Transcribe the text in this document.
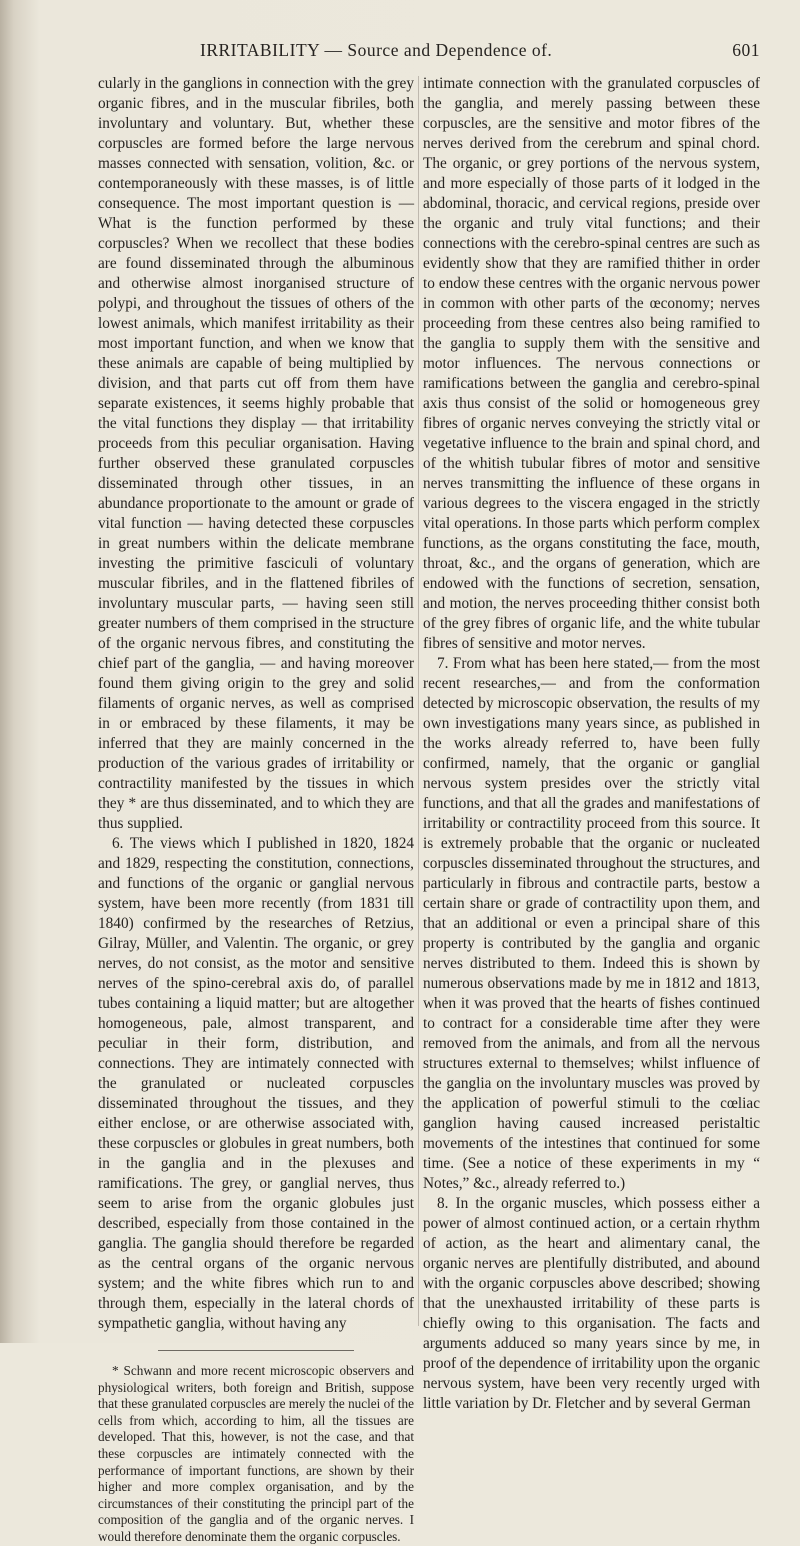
IRRITABILITY — Source and Dependence of.	601

cularly in the ganglions in connection with the grey organic fibres, and in the muscular fibriles, both involuntary and voluntary. But, whether these corpuscles are formed before the large nervous masses connected with sensation, volition, &c. or contemporaneously with these masses, is of little consequence. The most important question is — What is the function performed by these corpuscles? When we recollect that these bodies are found disseminated through the albuminous and otherwise almost inorganised structure of polypi, and throughout the tissues of others of the lowest animals, which manifest irritability as their most important function, and when we know that these animals are capable of being multiplied by division, and that parts cut off from them have separate existences, it seems highly probable that the vital functions they display — that irritability proceeds from this peculiar organisation. Having further observed these granulated corpuscles disseminated through other tissues, in an abundance proportionate to the amount or grade of vital function — having detected these corpuscles in great numbers within the delicate membrane investing the primitive fasciculi of voluntary muscular fibriles, and in the flattened fibriles of involuntary muscular parts, — having seen still greater numbers of them comprised in the structure of the organic nervous fibres, and constituting the chief part of the ganglia, — and having moreover found them giving origin to the grey and solid filaments of organic nerves, as well as comprised in or embraced by these filaments, it may be inferred that they are mainly concerned in the production of the various grades of irritability or contractility manifested by the tissues in which they * are thus disseminated, and to which they are thus supplied.

6. The views which I published in 1820, 1824 and 1829, respecting the constitution, connections, and functions of the organic or ganglial nervous system, have been more recently (from 1831 till 1840) confirmed by the researches of Retzius, Gilray, Müller, and Valentin. The organic, or grey nerves, do not consist, as the motor and sensitive nerves of the spino-cerebral axis do, of parallel tubes containing a liquid matter; but are altogether homogeneous, pale, almost transparent, and peculiar in their form, distribution, and connections. They are intimately connected with the granulated or nucleated corpuscles disseminated throughout the tissues, and they either enclose, or are otherwise associated with, these corpuscles or globules in great numbers, both in the ganglia and in the plexuses and ramifications. The grey, or ganglial nerves, thus seem to arise from the organic globules just described, especially from those contained in the ganglia. The ganglia should therefore be regarded as the central organs of the organic nervous system; and the white fibres which run to and through them, especially in the lateral chords of sympathetic ganglia, without having any

* Schwann and more recent microscopic observers and physiological writers, both foreign and British, suppose that these granulated corpuscles are merely the nuclei of the cells from which, according to him, all the tissues are developed. That this, however, is not the case, and that these corpuscles are intimately connected with the performance of important functions, are shown by their higher and more complex organisation, and by the circumstances of their constituting the principl part of the composition of the ganglia and of the organic nerves. I would therefore denominate them the organic corpuscles.

intimate connection with the granulated corpuscles of the ganglia, and merely passing between these corpuscles, are the sensitive and motor fibres of the nerves derived from the cerebrum and spinal chord. The organic, or grey portions of the nervous system, and more especially of those parts of it lodged in the abdominal, thoracic, and cervical regions, preside over the organic and truly vital functions; and their connections with the cerebro-spinal centres are such as evidently show that they are ramified thither in order to endow these centres with the organic nervous power in common with other parts of the œconomy; nerves proceeding from these centres also being ramified to the ganglia to supply them with the sensitive and motor influences. The nervous connections or ramifications between the ganglia and cerebro-spinal axis thus consist of the solid or homogeneous grey fibres of organic nerves conveying the strictly vital or vegetative influence to the brain and spinal chord, and of the whitish tubular fibres of motor and sensitive nerves transmitting the influence of these organs in various degrees to the viscera engaged in the strictly vital operations. In those parts which perform complex functions, as the organs constituting the face, mouth, throat, &c., and the organs of generation, which are endowed with the functions of secretion, sensation, and motion, the nerves proceeding thither consist both of the grey fibres of organic life, and the white tubular fibres of sensitive and motor nerves.

7. From what has been here stated,— from the most recent researches,— and from the conformation detected by microscopic observation, the results of my own investigations many years since, as published in the works already referred to, have been fully confirmed, namely, that the organic or ganglial nervous system presides over the strictly vital functions, and that all the grades and manifestations of irritability or contractility proceed from this source. It is extremely probable that the organic or nucleated corpuscles disseminated throughout the structures, and particularly in fibrous and contractile parts, bestow a certain share or grade of contractility upon them, and that an additional or even a principal share of this property is contributed by the ganglia and organic nerves distributed to them. Indeed this is shown by numerous observations made by me in 1812 and 1813, when it was proved that the hearts of fishes continued to contract for a considerable time after they were removed from the animals, and from all the nervous structures external to themselves; whilst influence of the ganglia on the involuntary muscles was proved by the application of powerful stimuli to the cœliac ganglion having caused increased peristaltic movements of the intestines that continued for some time. (See a notice of these experiments in my “ Notes,” &c., already referred to.)

8. In the organic muscles, which possess either a power of almost continued action, or a certain rhythm of action, as the heart and alimentary canal, the organic nerves are plentifully distributed, and abound with the organic corpuscles above described; showing that the unexhausted irritability of these parts is chiefly owing to this organisation. The facts and arguments adduced so many years since by me, in proof of the dependence of irritability upon the organic nervous system, have been very recently urged with little variation by Dr. Fletcher and by several German
